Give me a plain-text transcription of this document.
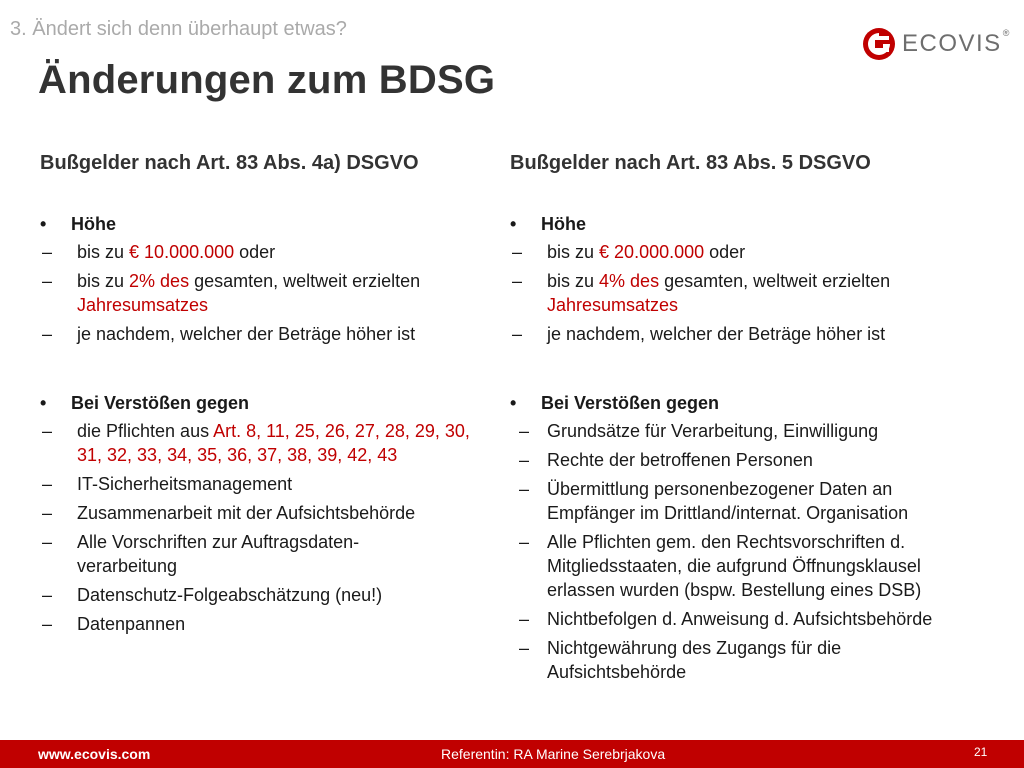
3. Ändert sich denn überhaupt etwas?
Änderungen zum BDSG
ECOVIS ®
Bußgelder nach Art. 83 Abs. 4a) DSGVO
• Höhe
– bis zu € 10.000.000 oder
– bis zu 2% des gesamten, weltweit erzielten Jahresumsatzes
– je nachdem, welcher der Beträge höher ist
• Bei Verstößen gegen
– die Pflichten aus Art. 8, 11, 25, 26, 27, 28, 29, 30, 31, 32, 33, 34, 35, 36, 37, 38, 39, 42, 43
– IT-Sicherheitsmanagement
– Zusammenarbeit mit der Aufsichtsbehörde
– Alle Vorschriften zur Auftragsdaten-verarbeitung
– Datenschutz-Folgeabschätzung (neu!)
– Datenpannen
Bußgelder nach Art. 83 Abs. 5 DSGVO
• Höhe
– bis zu € 20.000.000 oder
– bis zu 4% des gesamten, weltweit erzielten Jahresumsatzes
– je nachdem, welcher der Beträge höher ist
• Bei Verstößen gegen
– Grundsätze für Verarbeitung, Einwilligung
– Rechte der betroffenen Personen
– Übermittlung personenbezogener Daten an Empfänger im Drittland/internat. Organisation
– Alle Pflichten gem. den Rechtsvorschriften d. Mitgliedsstaaten, die aufgrund Öffnungsklausel erlassen wurden (bspw. Bestellung eines DSB)
– Nichtbefolgen d. Anweisung d. Aufsichtsbehörde
– Nichtgewährung des Zugangs für die Aufsichtsbehörde
www.ecovis.com	Referentin: RA Marine Serebrjakova	21
